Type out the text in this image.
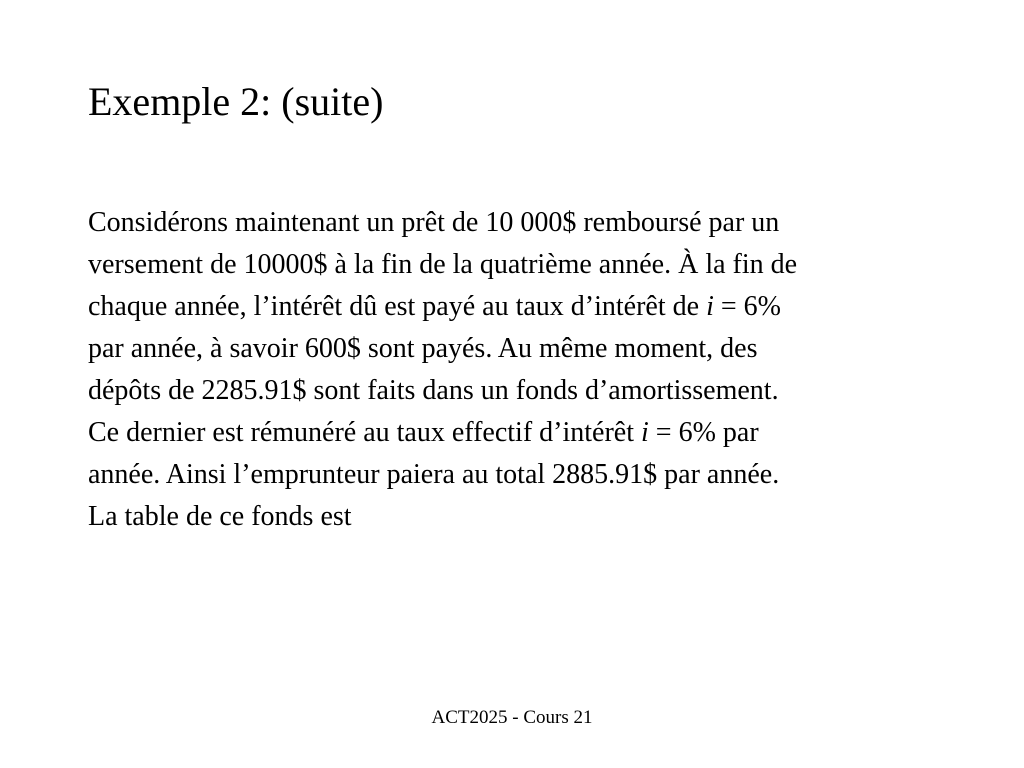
Exemple 2: (suite)
Considérons maintenant un prêt de 10 000$ remboursé par un
versement de 10000$ à la fin de la quatrième année. À la fin de
chaque année, l’intérêt dû est payé au taux d’intérêt de i = 6%
par année, à savoir 600$ sont payés. Au même moment, des
dépôts de 2285.91$ sont faits dans un fonds d’amortissement.
Ce dernier est rémunéré au taux effectif d’intérêt i = 6% par
année. Ainsi l’emprunteur paiera au total 2885.91$ par année.
La table de ce fonds est
ACT2025 - Cours 21
